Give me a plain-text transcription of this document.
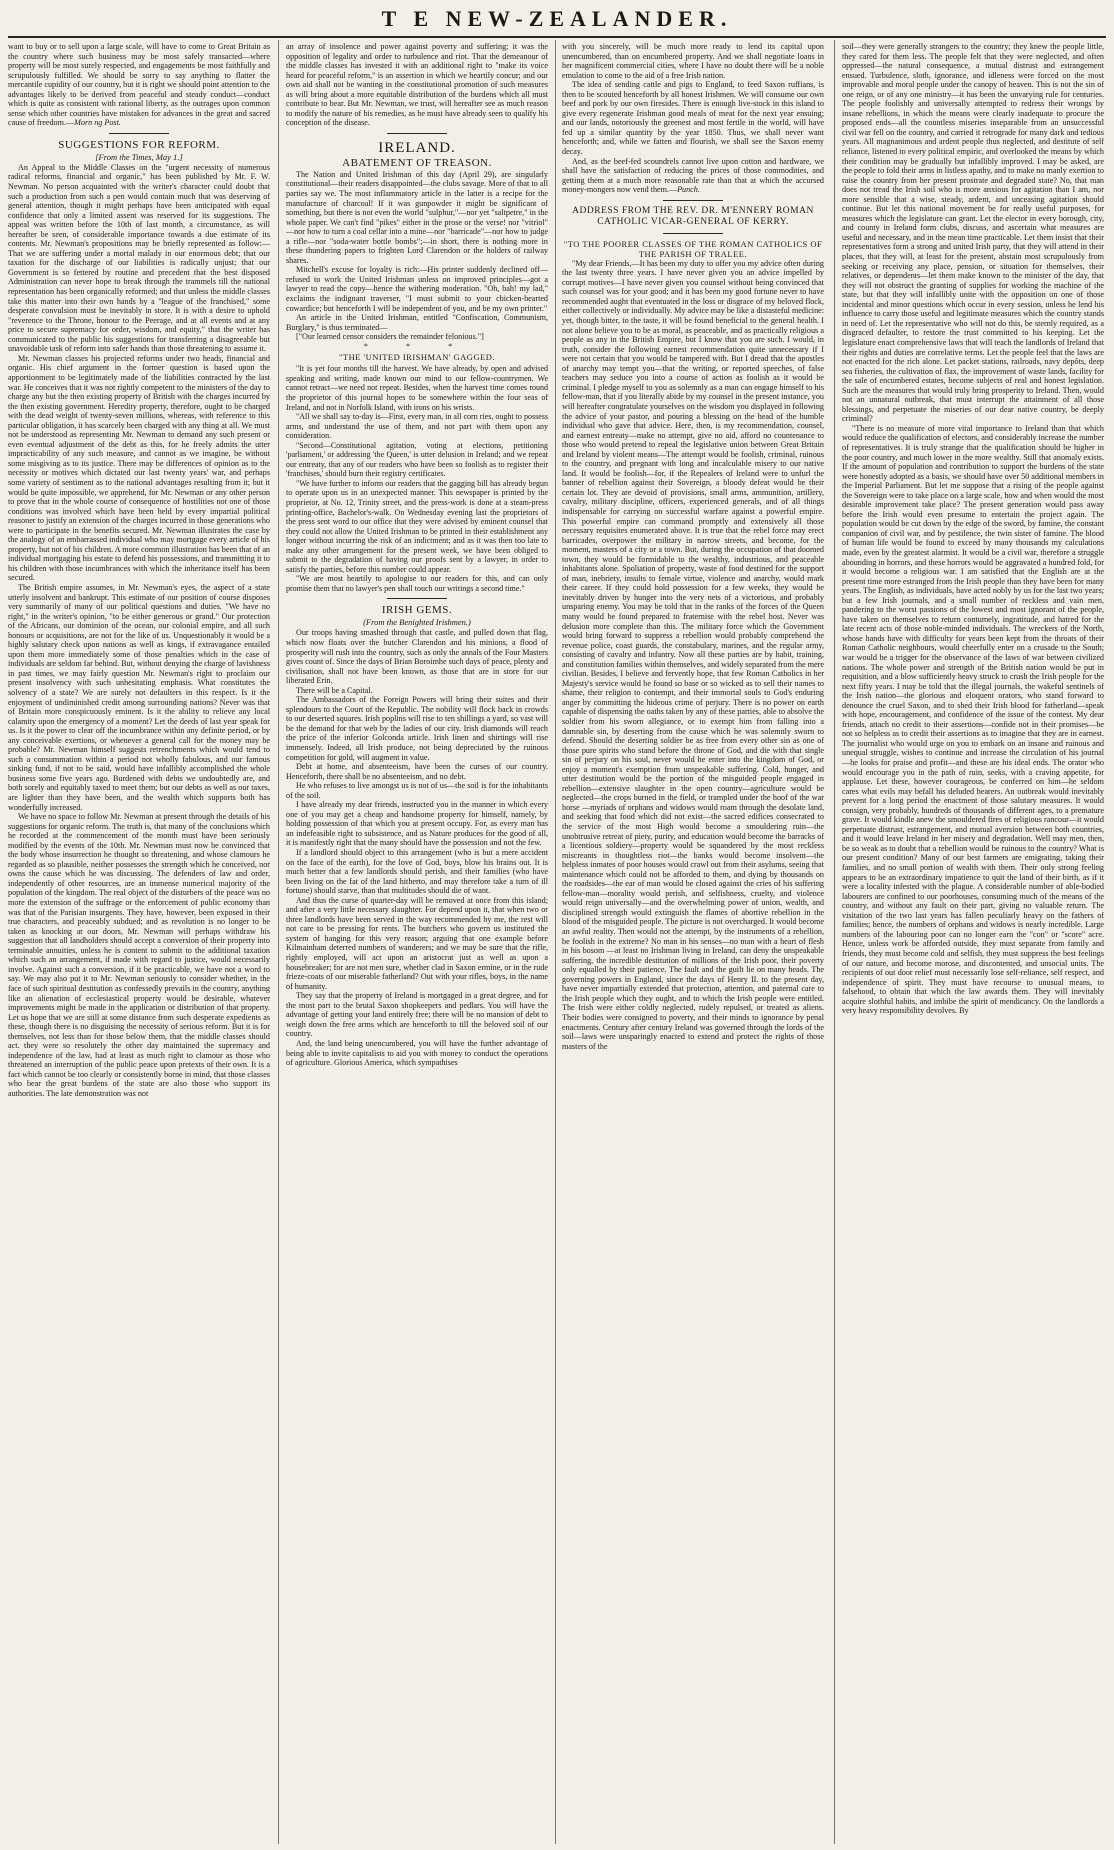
T E NEW-ZEALANDER.

want to buy or to sell upon a large scale, will have to come to Great Britain as the country where such business may be most safely transacted—where property will be most surely respected, and engagements be most faithfully and scrupulously fulfilled. We should be sorry to say anything to flatter the mercantile cupidity of our country, but it is right we should point attention to the advantages likely to be derived from peaceful and steady conduct—conduct which is quite as consistent with rational liberty, as the outrages upon common sense which other countries have mistaken for advances in the great and sacred cause of freedom.—Morn ng Post.

SUGGESTIONS FOR REFORM.

[From the Times, May 1.]

An Appeal to the Middle Classes on the "urgent necessity of numerous radical reforms, financial and organic," has been published by Mr. F. W. Newman. No person acquainted with the writer's character could doubt that such a production from such a pen would contain much that was deserving of general attention, though it might perhaps have been anticipated with equal confidence that only a limited assent was reserved for its suggestions. The appeal was written before the 10th of last month, a circumstance, as will hereafter be seen, of considerable importance towards a due estimate of its contents. Mr. Newman's propositions may be briefly represented as follow:—That we are suffering under a mortal malady in our enormous debt; that our taxation for the discharge of our liabilities is radically unjust; that our Government is so fettered by routine and precedent that the best disposed Administration can never hope to break through the trammels till the national representation has been organically reformed; and that unless the middle classes take this matter into their own hands by a "league of the franchised," some desperate convulsion must be inevitably in store. It is with a desire to uphold "reverence to the Throne, honour to the Peerage, and at all events and at any price to secure supremacy for order, wisdom, and equity," that the writer has communicated to the public his suggestions for transferring a disagreeable but unavoidable task of reform into safer hands than those threatening to assume it.

Mr. Newman classes his projected reforms under two heads, financial and organic. His chief argument in the former question is based upon the apportionment to be legitimately made of the liabilities contracted by the last war. He conceives that it was not rightly competent to the ministers of the day to charge any but the then existing property of British with the charges incurred by the then existing government. Heredity property, therefore, ought to be charged with the dead weight of twenty-seven millions, whereas, with reference to this particular obligation, it has scarcely been charged with any thing at all. We must not be understood as representing Mr. Newman to demand any such present or even eventual adjustment of the debt as this, for he freely admits the utter impracticability of any such measure, and cannot as we imagine, be without some misgiving as to its justice. There may be differences of opinion as to the necessity or motives which dictated our last twenty years' war, and perhaps some variety of sentiment as to the national advantages resulting from it; but it would be quite impossible, we apprehend, for Mr. Newman or any other person to prove that in the whole course of consequence of hostilities not one of those conditions was involved which have been held by every impartial political reasoner to justify an extension of the charges incurred in those generations who were to participate in the benefits secured. Mr. Newman illustrates the case by the analogy of an embarrassed individual who may mortgage every article of his property, but not of his children. A more common illustration has been that of an individual mortgaging his estate to defend his possessions, and transmitting it to his children with those incumbrances with which the inheritance itself has been secured.

The British empire assumes, in Mr. Newman's eyes, the aspect of a state utterly insolvent and bankrupt. This estimate of our position of course disposes very summarily of many of our political questions and duties. "We have no right," in the writer's opinion, "to be either generous or grand." Our protection of the Africans, our dominion of the ocean, our colonial empire, and all such honours or acquisitions, are not for the like of us. Unquestionably it would be a highly salutary check upon nations as well as kings, if extravagance entailed upon them more immediately some of those penalties which in the case of individuals are seldom far behind. But, without denying the charge of lavishness in past times, we may fairly question Mr. Newman's right to proclaim our present insolvency with such unhesitating emphasis. What constitutes the solvency of a state? We are surely not defaulters in this respect. Is it the enjoyment of undiminished credit among surrounding nations? Never was that of Britain more conspicuously eminent. Is it the ability to relieve any local calamity upon the emergency of a moment? Let the deeds of last year speak for us. Is it the power to clear off the incumbrance within any definite period, or by any conceivable exertions, or whenever a general call for the money may be probable? Mr. Newman himself suggests retrenchments which would tend to such a consummation within a period not wholly fabulous, and our famous sinking fund, if not to be said, would have infallibly accomplished the whole business some five years ago. Burdened with debts we undoubtedly are, and both sorely and equitably taxed to meet them; but our debts as well as our taxes, are lighter than they have been, and the wealth which supports both has wonderfully increased.

We have no space to follow Mr. Newman at present through the details of his suggestions for organic reform. The truth is, that many of the conclusions which he recorded at the commencement of the month must have been seriously modified by the events of the 10th. Mr. Newman must now be convinced that the body whose insurrection he thought so threatening, and whose clamours he regarded as so plausible, neither possesses the strength which he conceived, nor owns the cause which he was discussing. The defenders of law and order, independently of other resources, are an immense numerical majority of the population of the kingdom. The real object of the disturbers of the peace was no more the extension of the suffrage or the enforcement of public economy than was that of the Parisian insurgents. They have, however, been exposed in their true characters, and peaceably subdued; and as revolution is no longer to be taken as knocking at our doors, Mr. Newman will perhaps withdraw his suggestion that all landholders should accept a conversion of their property into terminable annuities, unless he is content to submit to the additional taxation which such an arrangement, if made with regard to justice, would necessarily involve. Against such a conversion, if it be practicable, we have not a word to say. We may also put it to Mr. Newman seriously to consider whether, in the face of such spiritual destitution as confessedly prevails in the country, anything like an alienation of ecclesiastical property would be desirable, whatever improvements might be made in the application or distribution of that property. Let us hope that we are still at some distance from such desperate expedients as these, though there is no disguising the necessity of serious reform. But it is for themselves, not less than for those below them, that the middle classes should act. they were so resolutely the other day maintained the supremacy and independence of the law, had at least as much right to clamour as those who threatened an interruption of the public peace upon pretexts of their own. It is a fact which cannot be too clearly or consistently borne in mind, that those classes who bear the great burdens of the state are also those who support its authorities. The late demonstration was not

an array of insolence and power against poverty and suffering; it was the opposition of legality and order to turbulence and riot. That the demeanour of the middle classes has invested it with an additional right to "make its voice heard for peaceful reform," is an assertion in which we heartily concur; and our own aid shall not be wanting in the constitutional promotion of such measures as will bring about a more equitable distribution of the burdens which all must contribute to bear. But Mr. Newman, we trust, will hereafter see as much reason to modify the nature of his remedies, as he must have already seen to qualify his conception of the disease.

IRELAND.

ABATEMENT OF TREASON.

The Nation and United Irishman of this day (April 29), are singularly constitutional—their readers disappointed—the clubs savage. More of that to all parties say we. The most inflammatory article in the latter is a recipe for the manufacture of charcoal! If it was gunpowder it might be significant of something, but there is not even the world "sulphur,"—nor yet "saltpetre," in the whole paper. We can't find "pikes" either in the prose or the verse! nor "vitriol" —nor how to turn a coal cellar into a mine—nor "barricade"—nor how to judge a rifle—nor "soda-water bottle bombs";—in short, there is nothing more in these thundering papers to frighten Lord Clarendon or the holders of railway shares.

Mitchell's excuse for loyalty is rich:—His printer suddenly declined off—refused to work the United Irishman unless on improved principles—got a lawyer to read the copy—hence the withering moderation. "Oh, bah! my lad," exclaims the indignant traverser, "I must submit to your chicken-hearted cowardice; but henceforth I will be independent of you, and be my own printer."

An article in the United Irishman, entitled "Confiscation, Communism, Burglary," is thus terminated—

["Our learned censor considers the remainder felonious."]

* * *

"THE 'UNITED IRISHMAN' GAGGED.

"It is yet four months till the harvest. We have already, by open and advised speaking and writing, made known our mind to our fellow-countrymen. We cannot retract—we need not repeat. Besides, when the harvest time comes round the proprietor of this journal hopes to be somewhere within the four seas of Ireland, and not in Norfolk Island, with irons on his wrists.

"All we shall say to-day is—First, every man, in all corn ries, ought to possess arms, and understand the use of them, and not part with them upon any consideration.

"Second—Constitutional agitation, voting at elections, petitioning 'parliament,' or addressing 'the Queen,' is utter delusion in Ireland; and we repeat our entreaty, that any of our readers who have been so foolish as to register their 'franchises,' should burn their registry certificates.

"We have further to inform our readers that the gagging bill has already begun to operate upon us in an unexpected manner. This newspaper is printed by the proprietor, at No. 12, Trinity street, and the press-work is done at a steam-press printing-office, Bachelor's-walk. On Wednesday evening last the proprietors of the press sent word to our office that they were advised by eminent counsel that they could not allow the United Irishman to be printed in their establishment any longer without incurring the risk of an indictment; and as it was then too late to make any other arrangement for the present week, we have been obliged to submit to the degradation of having our proofs sent by a lawyer, in order to satisfy the parties, before this number could appear.

"We are most heartily to apologise to our readers for this, and can only promise them that no lawyer's pen shall touch our writings a second time."

IRISH GEMS.

(From the Benighted Irishmen.)

Our troops having smashed through that castle, and pulled down that flag, which now floats over the butcher Clarendon and his minions, a flood of prosperity will rush into the country, such as only the annals of the Four Masters gives count of. Since the days of Brian Boroimhe such days of peace, plenty and civilisation, shall not have been known, as those that are in store for our liberated Erin.

There will be a Capital.

The Ambassadors of the Foreign Powers will bring their suites and their splendours to the Court of the Republic. The nobility will flock back in crowds to our deserted squares. Irish poplins will rise to ten shillings a yard, so vast will be the demand for that web by the ladies of our city. Irish diamonds will reach the price of the inferior Golconda article. Irish linen and shirtings will rise immensely. Indeed, all Irish produce, not being depreciated by the ruinous competition for gold, will augment in value.

Debt at home, and absenteeism, have been the curses of our country. Henceforth, there shall be no absenteeism, and no debt.

He who refuses to live amongst us is not of us—the soil is for the inhabitants of the soil.

I have already my dear friends, instructed you in the manner in which every one of you may get a cheap and handsome property for himself, namely, by holding possession of that which you at present occupy. For, as every man has an indefeasible right to subsistence, and as Nature produces for the good of all, it is manifestly right that the many should have the possession and not the few.

If a landlord should object to this arrangement (who is but a mere accident on the face of the earth), for the love of God, boys, blow his brains out. It is much better that a few landlords should perish, and their families (who have been living on the fat of the land hitherto, and may therefore take a turn of ill fortune) should starve, than that multitudes should die of want.

And thus the curse of quarter-day will be removed at once from this island; and after a very little necessary slaughter. For depend upon it, that when two or three landlords have been served in the way recommended by me, the rest will not care to be pressing for rents. The butchers who govern us instituted the system of hanging for this very reason; arguing that one example before Kilmainham deterred numbers of wanderers; and we may be sure that the rifle, rightly employed, will act upon an aristocrat just as well as upon a housebreaker; for are not men sure, whether clad in Saxon ermine, or in the rude frieze-coats of our miserable fatherland? Out with your rifles, boys, in the name of humanity.

They say that the property of Ireland is mortgaged in a great degree, and for the most part to the brutal Saxon shopkeepers and pedlars. You will have the advantage of getting your land entirely free; there will be no mansion of debt to weigh down the free arms which are henceforth to till the beloved soil of our country.

And, the land being unencumbered, you will have the further advantage of being able to invite capitalists to aid you with money to conduct the operations of agriculture. Glorious America, which sympathises

with you sincerely, will be much more ready to lend its capital upon unencumbered, than on encumbered property. And we shall negotiate loans in her magnificent commercial cities, where I have no doubt there will be a noble emulation to come to the aid of a free Irish nation.

The idea of sending cattle and pigs to England, to feed Saxon ruffians, is then to be scouted henceforth by all honest Irishmen. We will consume our own beef and pork by our own firesides. There is enough live-stock in this island to give every regenerate Irishman good meals of meat for the next year ensuing; and our lands, notoriously the greenest and most fertile in the world, will have fed up a similar quantity by the year 1850. Thus, we shall never want henceforth; and, while we fatten and flourish, we shall see the Saxon enemy decay.

And, as the beef-fed scoundrels cannot live upon cotton and hardware, we shall have the satisfaction of reducing the prices of those commodities, and getting them at a much more reasonable rate than that at which the accursed money-mongers now vend them.—Punch.

ADDRESS FROM THE REV. DR. M'ENNERY ROMAN CATHOLIC VICAR-GENERAL OF KERRY.

"TO THE POORER CLASSES OF THE ROMAN CATHOLICS OF THE PARISH OF TRALEE.

"My dear Friends,—It has been my duty to offer you my advice often during the last twenty three years. I have never given you an advice impelled by corrupt motives—I have never given you counsel without being convinced that such counsel was for your good; and it has been my good fortune never to have recommended aught that eventuated in the loss or disgrace of my beloved flock, either collectively or individually. My advice may be like a distasteful medicine: yet, though bitter, to the taste, it will be found beneficial to the general health. I not alone believe you to be as moral, as peaceable, and as practically religious a people as any in the British Empire, but I know that you are such. I would, in truth, consider the following earnest recommendation quite unnecessary if I were not certain that you would be tampered with. But I dread that the apostles of anarchy may tempt you—that the writing, or reported speeches, of false teachers may seduce you into a course of action as foolish as it would be criminal. I pledge myself to you as solemnly as a man can engage himself to his fellow-man, that if you literally abide by my counsel in the present instance, you will hereafter congratulate yourselves on the wisdom you displayed in following the advice of your pastor, and pouring a blessing on the head of the humble individual who gave that advice. Here, then, is my recommendation, counsel, and earnest entreaty—make no attempt, give no aid, afford no countenance to those who would pretend to repeal the legislative union between Great Britain and Ireland by violent means—The attempt would be foolish, criminal, ruinous to the country, and pregnant with long and incalculable misery to our native land. It would be foolish—for, if the Repealers of Ireland were to unfurl the banner of rebellion against their Sovereign, a bloody defeat would be their certain lot. They are devoid of provisions, small arms, ammunition, artillery, cavalry, military discipline, officers, experienced generals, and of all things indispensable for carrying on successful warfare against a powerful empire. This powerful empire can command promptly and extensively all those necessary requisites enumerated above. It is true that the rebel force may erect barricades, overpower the military in narrow streets, and become, for the moment, masters of a city or a town. But, during the occupation of that doomed town, they would be formidable to the wealthy, industrious, and peaceable inhabitants alone. Spoliation of property, waste of food destined for the support of man, inebriety, insults to female virtue, violence and anarchy, would mark their career. If they could hold possession for a few weeks, they would be inevitably driven by hunger into the very nets of a victorious, and probably unsparing enemy. You may be told that in the ranks of the forces of the Queen many would be found prepared to fraternise with the rebel host. Never was delusion more complete than this. The military force which the Government would bring forward to suppress a rebellion would probably comprehend the revenue police, coast guards, the constabulary, marines, and the regular army, consisting of cavalry and infantry. Now all these parties are by habit, training, and constitution families within themselves, and widely separated from the mere civilian. Besides, I believe and fervently hope, that few Roman Catholics in her Majesty's service would be found so base or so wicked as to sell their names to shame, their religion to contempt, and their immortal souls to God's enduring anger by committing the hideous crime of perjury. There is no power on earth capable of dispensing the oaths taken by any of these parties, able to absolve the soldier from his sworn allegiance, or to exempt him from falling into a damnable sin, by deserting from the cause which he was solemnly sworn to defend. Should the deserting soldier be as free from every other sin as one of those pure spirits who stand before the throne of God, and die with that single sin of perjury on his soul, never would he enter into the kingdom of God, or enjoy a moment's exemption from unspeakable suffering. Cold, hunger, and utter destitution would be the portion of the misguided people engaged in rebellion—extensive slaughter in the open country—agriculture would be neglected—the crops burned in the field, or trampled under the hoof of the war horse —myriads of orphans and widows would roam through the desolate land, and seeking that food which did not exist—the sacred edifices consecrated to the service of the most High would become a smouldering ruin—the unobtrusive retreat of piety, purity, and education would become the barracks of a licentious soldiery—property would be squandered by the most reckless miscreants in thoughtless riot—the banks would become insolvent—the helpless inmates of poor houses would crawl out from their asylums, seeing that maintenance which could not be afforded to them, and dying by thousands on the roadsides—the ear of man would be closed against the cries of his suffering fellow-man—morality would perish, and selfishness, cruelty, and violence would reign universally—and the overwhelming power of union, wealth, and disciplined strength would extinguish the flames of abortive rebellion in the blood of the misguided people. The picture is not overcharged. It would become an awful reality. Then would not the attempt, by the instruments of a rebellion, be foolish in the extreme? No man in his senses—no man with a heart of flesh in his bosom —at least no Irishman living in Ireland, can deny the unspeakable suffering, the incredible destitution of millions of the Irish poor, their poverty only equalled by their patience. The fault and the guilt lie on many heads. The governing powers in England, since the days of Henry II. to the present day, have never impartially extended that protection, attention, and paternal care to the Irish people which they ought, and to which the Irish people were entitled. The Irish were either coldly neglected, rudely repulsed, or treated as aliens. Their bodies were consigned to poverty, and their minds to ignorance by penal enactments. Century after century Ireland was governed through the lords of the soil—laws were unsparingly enacted to extend and protect the rights of those masters of the

soil—they were generally strangers to the country; they knew the people little, they cared for them less. The people felt that they were neglected, and often oppressed—the natural consequence, a mutual distrust and estrangement ensued. Turbulence, sloth, ignorance, and idleness were forced on the most improvable and moral people under the canopy of heaven. This is not the sin of one reign, or of any one ministry—it has been the unvarying rule for centuries. The people foolishly and universally attempted to redress their wrongs by insane rebellions, in which the means were clearly inadequate to procure the proposed ends—all the countless miseries inseparable from an unsuccessful civil war fell on the country, and carried it retrograde for many dark and tedious years. All magnanimous and ardent people thus neglected, and destitute of self reliance, listened to every political empiric, and overlooked the means by which their condition may be gradually but infallibly improved. I may be asked, are the people to fold their arms in listless apathy, and to make no manly exertion to raise the country from her present prostrate and degraded state? No, that man does not tread the Irish soil who is more anxious for agitation than I am, nor more sensible that a wise, steady, ardent, and unceasing agitation should continue. But let this national movement be for really useful purposes, for measures which the legislature can grant. Let the elector in every borough, city, and county in Ireland form clubs, discuss, and ascertain what measures are useful and necessary, and in the mean time practicable. Let them insist that their representatives form a strong and united Irish party, that they will attend in their places, that they will, at least for the present, abstain most scrupulously from seeking or receiving any place, pension, or situation for themselves, their relatives, or dependents—let them make known to the minister of the day, that they will not obstruct the granting of supplies for working the machine of the state, but that they will infallibly unite with the opposition on one of those incidental and minor questions which occur in every session, unless he lend his influence to carry those useful and legitimate measures which the country stands in need of. Let the representative who will not do this, be sternly required, as a disgraced defaulter, to restore the trust committed to his keeping. Let the legislature enact comprehensive laws that will teach the landlords of Ireland that their rights and duties are correlative terms. Let the people feel that the laws are not enacted for the rich alone. Let packet stations, railroads, navy depôts, deep sea fisheries, the cultivation of flax, the improvement of waste lands, facility for the sale of encumbered estates, become subjects of real and honest legislation. Such are the measures that would truly bring prosperity to Ireland. Then, would not an unnatural outbreak, that must interrupt the attainment of all those blessings, and perpetuate the miseries of our dear native country, be deeply criminal?

"There is no measure of more vital importance to Ireland than that which would reduce the qualification of electors, and considerably increase the number of representatives. It is truly strange that the qualification should be higher in the poor country, and much lower in the more wealthy. Still that anomaly exists. If the amount of population and contribution to support the burdens of the state were honestly adopted as a basis, we should have over 50 additional members in the Imperial Parliament. But let me suppose that a rising of the people against the Sovereign were to take place on a large scale, how and when would the most desirable improvement take place? The present generation would pass away before the Irish would even presume to entertain the project again. The population would be cut down by the edge of the sword, by famine, the constant companion of civil war, and by pestilence, the twin sister of famine. The blood of human life would be found to exceed by many thousands my calculations made, even by the greatest alarmist. It would be a civil war, therefore a struggle abounding in horrors, and these horrors would be aggravated a hundred fold, for it would become a religious war. I am satisfied that the English are at the present time more estranged from the Irish people than they have been for many years. The English, as individuals, have acted nobly by us for the last two years; but a few Irish journals, and a small number of reckless and vain men, pandering to the worst passions of the lowest and most ignorant of the people, have taken on themselves to return contumely, ingratitude, and hatred for the late recent acts of those noble-minded individuals. The wreckers of the North, whose hands have with difficulty for years been kept from the throats of their Roman Catholic neighbours, would cheerfully enter on a crusade to the South; war would be a trigger for the observance of the laws of war between civilized nations. The whole power and strength of the British nation would be put in requisition, and a blow sufficiently heavy struck to crush the Irish people for the next fifty years. I may be told that the illegal journals, the wakeful sentinels of the Irish nation—the glorious and eloquent orators, who stand forward to denounce the cruel Saxon, and to shed their Irish blood for fatherland—speak with hope, encouragement, and confidence of the issue of the contest. My dear friends, attach no credit to their assertions—confide not in their promises—be not so helpless as to credit their assertions as to imagine that they are in earnest. The journalist who would urge on you to embark on an insane and ruinous and unequal struggle, wishes to continue and increase the circulation of his journal—he looks for praise and profit—and these are his ideal ends. The orator who would encourage you in the path of ruin, seeks, with a craving appetite, for applause. Let these, however courageous, be conferred on him—he seldom cares what evils may befall his deluded hearers. An outbreak would inevitably prevent for a long period the enactment of those salutary measures. It would consign, very probably, hundreds of thousands of different ages, to a premature grave. It would kindle anew the smouldered fires of religious rancour—it would perpetuate distrust, estrangement, and mutual aversion between both countries, and it would leave Ireland in her misery and degradation. Well may men, then, be so weak as to doubt that a rebellion would be ruinous to the country? What is our present condition? Many of our best farmers are emigrating, taking their families, and no small portion of wealth with them. Their only strong feeling appears to be an extraordinary impatience to quit the land of their birth, as if it were a locality infested with the plague. A considerable number of able-bodied labourers are confined to our poorhouses, consuming much of the means of the country, and without any fault on their part, giving no valuable return. The visitation of the two last years has fallen peculiarly heavy on the fathers of families; hence, the numbers of orphans and widows is nearly incredible. Large numbers of the labouring poor can no longer earn the "con" or "score" acre. Hence, unless work be afforded outside, they must separate from family and friends, they must become cold and selfish, they must suppress the best feelings of our nature, and become morose, and discontented, and unsocial units. The recipients of out door relief must necessarily lose self-reliance, self respect, and independence of spirit. They must have recourse to unusual means, to falsehood, to obtain that which the law awards them. They will inevitably acquire slothful habits, and imbibe the spirit of mendicancy. On the landlords a very heavy responsibility devolves. By
